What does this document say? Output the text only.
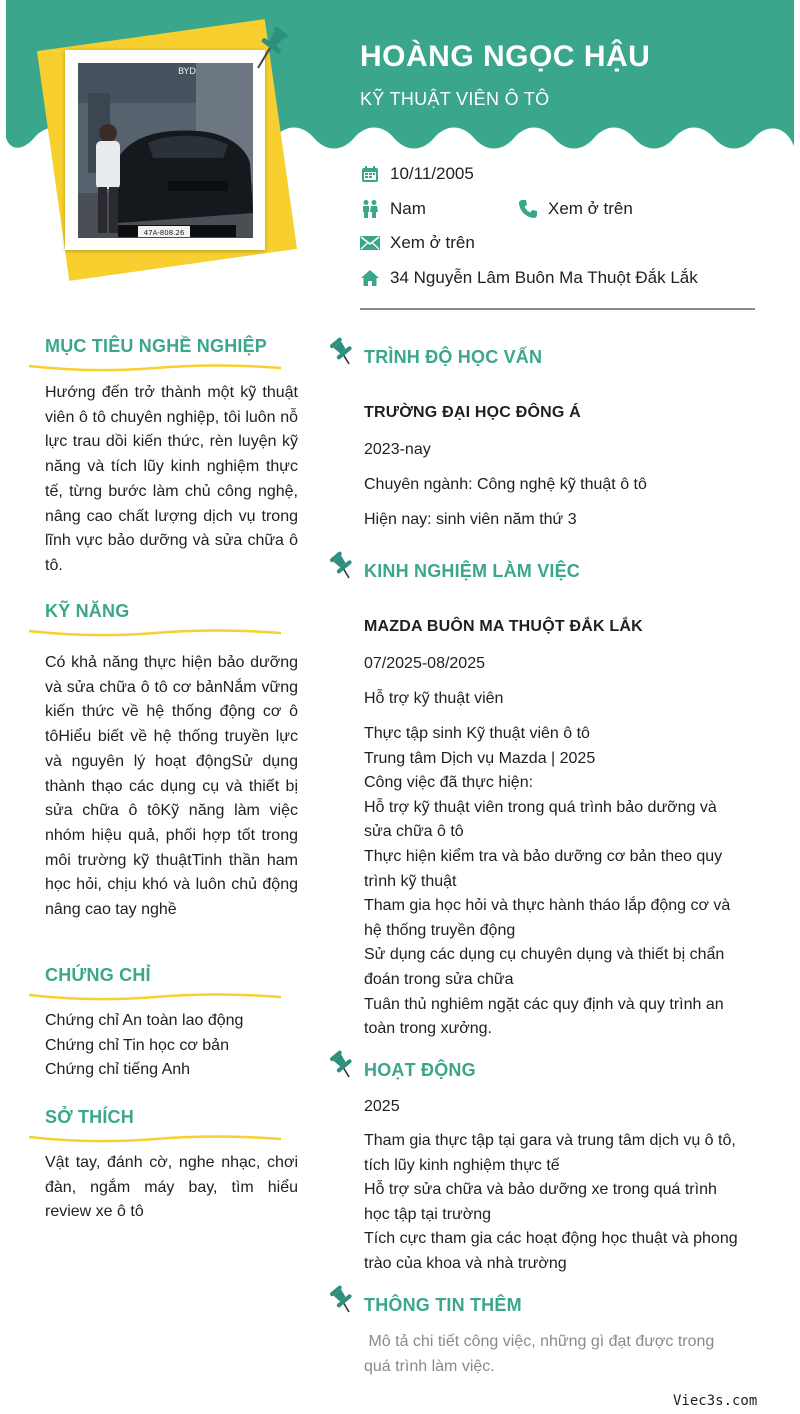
HOÀNG NGỌC HẬU
KỸ THUẬT VIÊN Ô TÔ
BYD
47A-808.26
10/11/2005
Nam	Xem ở trên
Xem ở trên
34 Nguyễn Lâm Buôn Ma Thuột Đắk Lắk
MỤC TIÊU NGHỀ NGHIỆP
Hướng đến trở thành một kỹ thuật viên ô tô chuyên nghiệp, tôi luôn nỗ lực trau dồi kiến thức, rèn luyện kỹ năng và tích lũy kinh nghiệm thực tế, từng bước làm chủ công nghệ, nâng cao chất lượng dịch vụ trong lĩnh vực bảo dưỡng và sửa chữa ô tô.
KỸ NĂNG
Có khả năng thực hiện bảo dưỡng và sửa chữa ô tô cơ bảnNắm vững kiến thức về hệ thống động cơ ô tôHiểu biết về hệ thống truyền lực và nguyên lý hoạt độngSử dụng thành thạo các dụng cụ và thiết bị sửa chữa ô tôKỹ năng làm việc nhóm hiệu quả, phối hợp tốt trong môi trường kỹ thuậtTinh thần ham học hỏi, chịu khó và luôn chủ động nâng cao tay nghề
CHỨNG CHỈ
Chứng chỉ An toàn lao động
Chứng chỉ Tin học cơ bản
Chứng chỉ tiếng Anh
SỞ THÍCH
Vật tay, đánh cờ, nghe nhạc, chơi đàn, ngắm máy bay, tìm hiểu review xe ô tô
TRÌNH ĐỘ HỌC VẤN
TRƯỜNG ĐẠI HỌC ĐÔNG Á
2023-nay
Chuyên ngành: Công nghệ kỹ thuật ô tô
Hiện nay: sinh viên năm thứ 3
KINH NGHIỆM LÀM VIỆC
MAZDA BUÔN MA THUỘT ĐẮK LẮK
07/2025-08/2025
Hỗ trợ kỹ thuật viên
Thực tập sinh Kỹ thuật viên ô tô
Trung tâm Dịch vụ Mazda | 2025
Công việc đã thực hiện:
Hỗ trợ kỹ thuật viên trong quá trình bảo dưỡng và sửa chữa ô tô
Thực hiện kiểm tra và bảo dưỡng cơ bản theo quy trình kỹ thuật
Tham gia học hỏi và thực hành tháo lắp động cơ và hệ thống truyền động
Sử dụng các dụng cụ chuyên dụng và thiết bị chẩn đoán trong sửa chữa
Tuân thủ nghiêm ngặt các quy định và quy trình an toàn trong xưởng.
HOẠT ĐỘNG
2025
Tham gia thực tập tại gara và trung tâm dịch vụ ô tô, tích lũy kinh nghiệm thực tế
Hỗ trợ sửa chữa và bảo dưỡng xe trong quá trình học tập tại trường
Tích cực tham gia các hoạt động học thuật và phong trào của khoa và nhà trường
THÔNG TIN THÊM
Mô tả chi tiết công việc, những gì đạt được trong quá trình làm việc.
Viec3s.com
